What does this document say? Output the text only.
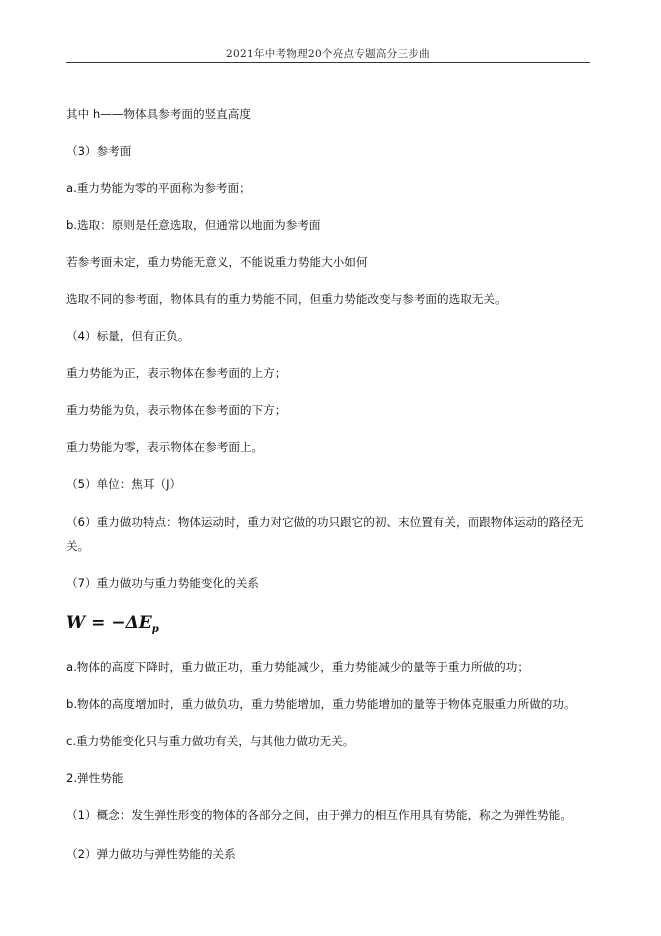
2021年中考物理20个亮点专题高分三步曲
其中 h——物体具参考面的竖直高度
（3）参考面
a.重力势能为零的平面称为参考面；
b.选取：原则是任意选取，但通常以地面为参考面
若参考面未定，重力势能无意义，不能说重力势能大小如何
选取不同的参考面，物体具有的重力势能不同，但重力势能改变与参考面的选取无关。
（4）标量，但有正负。
重力势能为正，表示物体在参考面的上方；
重力势能为负，表示物体在参考面的下方；
重力势能为零，表示物体在参考面上。
（5）单位：焦耳（J）
（6）重力做功特点：物体运动时，重力对它做的功只跟它的初、末位置有关，而跟物体运动的路径无关。
（7）重力做功与重力势能变化的关系
$W = -\Delta E_p$
a.物体的高度下降时，重力做正功，重力势能减少，重力势能减少的量等于重力所做的功；
b.物体的高度增加时，重力做负功，重力势能增加，重力势能增加的量等于物体克服重力所做的功。
c.重力势能变化只与重力做功有关，与其他力做功无关。
2.弹性势能
（1）概念：发生弹性形变的物体的各部分之间，由于弹力的相互作用具有势能，称之为弹性势能。
（2）弹力做功与弹性势能的关系
